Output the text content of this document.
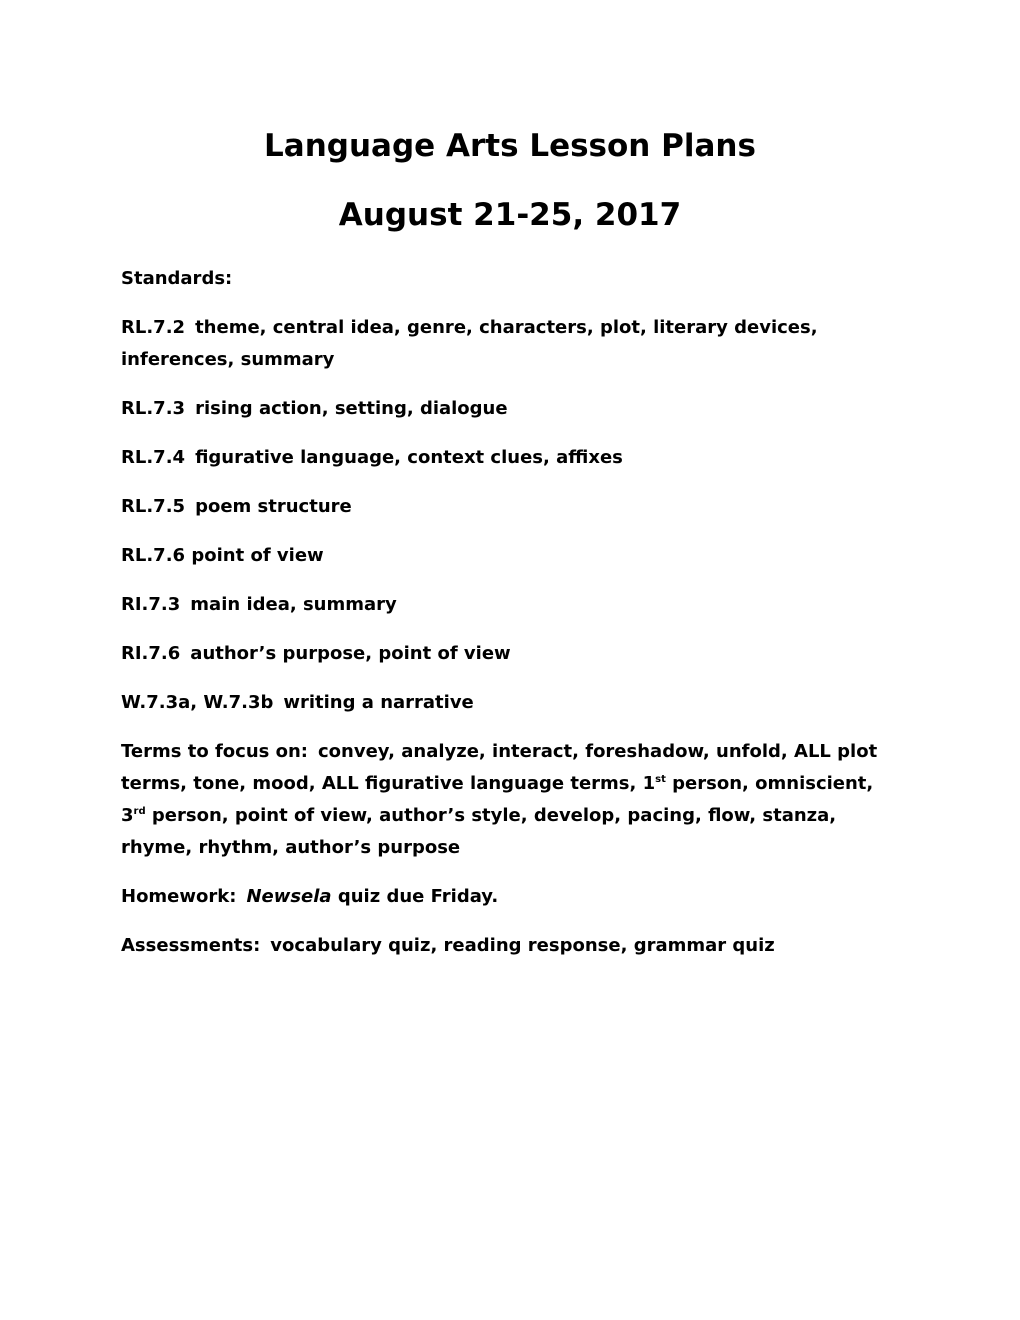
Language Arts Lesson Plans
August 21-25, 2017

Standards:

RL.7.2 theme, central idea, genre, characters, plot, literary devices, inferences, summary

RL.7.3 rising action, setting, dialogue

RL.7.4 figurative language, context clues, affixes

RL.7.5 poem structure

RL.7.6 point of view

RI.7.3 main idea, summary

RI.7.6 author’s purpose, point of view

W.7.3a, W.7.3b writing a narrative

Terms to focus on: convey, analyze, interact, foreshadow, unfold, ALL plot terms, tone, mood, ALL figurative language terms, 1st person, omniscient, 3rd person, point of view, author’s style, develop, pacing, flow, stanza, rhyme, rhythm, author’s purpose

Homework: Newsela quiz due Friday.

Assessments: vocabulary quiz, reading response, grammar quiz
